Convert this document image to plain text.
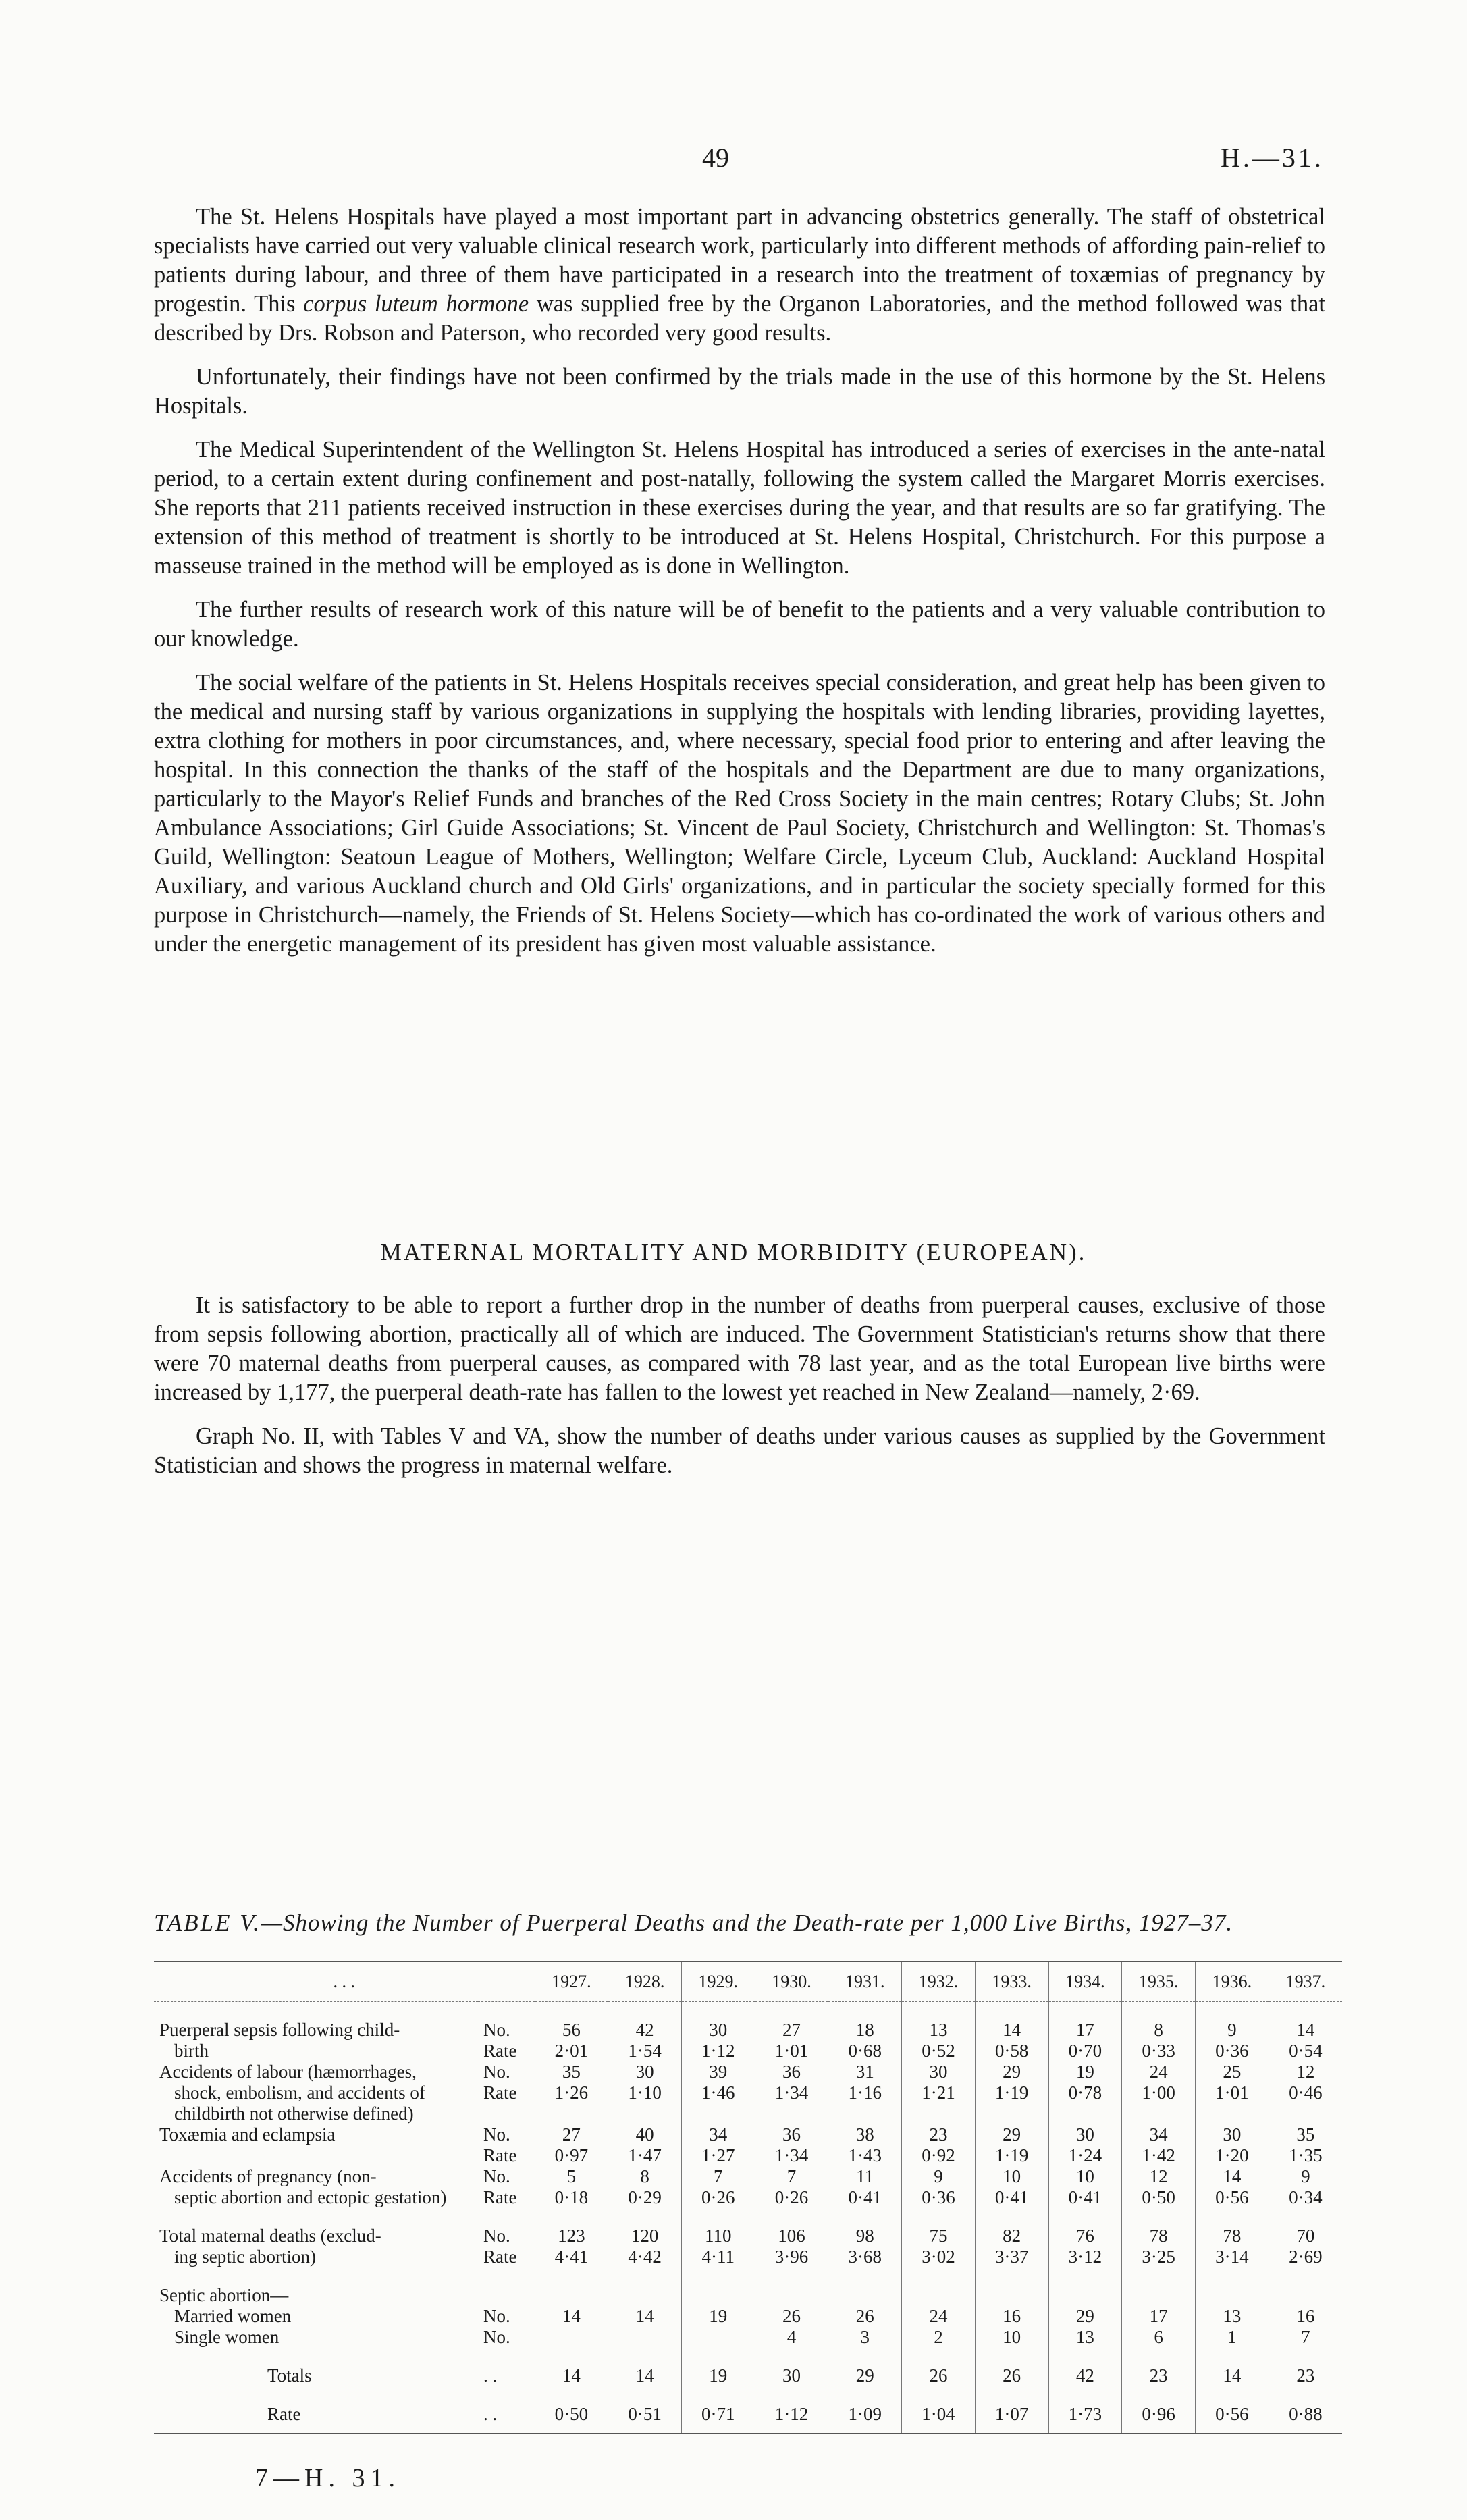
49	H.—31.

The St. Helens Hospitals have played a most important part in advancing obstetrics generally. The staff of obstetrical specialists have carried out very valuable clinical research work, particularly into different methods of affording pain-relief to patients during labour, and three of them have participated in a research into the treatment of toxæmias of pregnancy by progestin. This corpus luteum hormone was supplied free by the Organon Laboratories, and the method followed was that described by Drs. Robson and Paterson, who recorded very good results.

Unfortunately, their findings have not been confirmed by the trials made in the use of this hormone by the St. Helens Hospitals.

The Medical Superintendent of the Wellington St. Helens Hospital has introduced a series of exercises in the ante-natal period, to a certain extent during confinement and post-natally, following the system called the Margaret Morris exercises. She reports that 211 patients received instruction in these exercises during the year, and that results are so far gratifying. The extension of this method of treatment is shortly to be introduced at St. Helens Hospital, Christchurch. For this purpose a masseuse trained in the method will be employed as is done in Wellington.

The further results of research work of this nature will be of benefit to the patients and a very valuable contribution to our knowledge.

The social welfare of the patients in St. Helens Hospitals receives special consideration, and great help has been given to the medical and nursing staff by various organizations in supplying the hospitals with lending libraries, providing layettes, extra clothing for mothers in poor circumstances, and, where necessary, special food prior to entering and after leaving the hospital. In this connection the thanks of the staff of the hospitals and the Department are due to many organizations, particularly to the Mayor's Relief Funds and branches of the Red Cross Society in the main centres; Rotary Clubs; St. John Ambulance Associations; Girl Guide Associations; St. Vincent de Paul Society, Christchurch and Wellington: St. Thomas's Guild, Wellington: Seatoun League of Mothers, Wellington; Welfare Circle, Lyceum Club, Auckland: Auckland Hospital Auxiliary, and various Auckland church and Old Girls' organizations, and in particular the society specially formed for this purpose in Christchurch—namely, the Friends of St. Helens Society—which has co-ordinated the work of various others and under the energetic management of its president has given most valuable assistance.

MATERNAL MORTALITY AND MORBIDITY (EUROPEAN).

It is satisfactory to be able to report a further drop in the number of deaths from puerperal causes, exclusive of those from sepsis following abortion, practically all of which are induced. The Government Statistician's returns show that there were 70 maternal deaths from puerperal causes, as compared with 78 last year, and as the total European live births were increased by 1,177, the puerperal death-rate has fallen to the lowest yet reached in New Zealand—namely, 2·69.

Graph No. II, with Tables V and VA, show the number of deaths under various causes as supplied by the Government Statistician and shows the progress in maternal welfare.

TABLE V.—Showing the Number of Puerperal Deaths and the Death-rate per 1,000 Live Births, 1927–37.
. . .		1927.	1928.	1929.	1930.	1931.	1932.	1933.	1934.	1935.	1936.	1937.

Puerperal sepsis following child-	No.	56	42	30	27	18	13	14	17	8	9	14

birth	Rate	2·01	1·54	1·12	1·01	0·68	0·52	0·58	0·70	0·33	0·36	0·54
Accidents of labour (hæmorrhages,	No.	35	30	39	36	31	30	29	19	24	25	12

shock, embolism, and accidents of childbirth not otherwise defined)	Rate	1·26	1·10	1·46	1·34	1·16	1·21	1·19	0·78	1·00	1·01	0·46
Toxæmia and eclampsia	No.	27	40	34	36	38	23	29	30	34	30	35
	Rate	0·97	1·47	1·27	1·34	1·43	0·92	1·19	1·24	1·42	1·20	1·35
Accidents of pregnancy (non-	No.	5	8	7	7	11	9	10	10	12	14	9

septic abortion and ectopic gestation)	Rate	0·18	0·29	0·26	0·26	0·41	0·36	0·41	0·41	0·50	0·56	0·34

Total maternal deaths (exclud-	No.	123	120	110	106	98	75	82	76	78	78	70

ing septic abortion)	Rate	4·41	4·42	4·11	3·96	3·68	3·02	3·37	3·12	3·25	3·14	2·69

Septic abortion—												

Married women	No.	14	14	19	26	26	24	16	29	17	13	16

Single women	No.				4	3	2	10	13	6	1	7

Totals	. .	14	14	19	30	29	26	26	42	23	14	23

Rate	. .	0·50	0·51	0·71	1·12	1·09	1·04	1·07	1·73	0·96	0·56	0·88
7—H. 31.
